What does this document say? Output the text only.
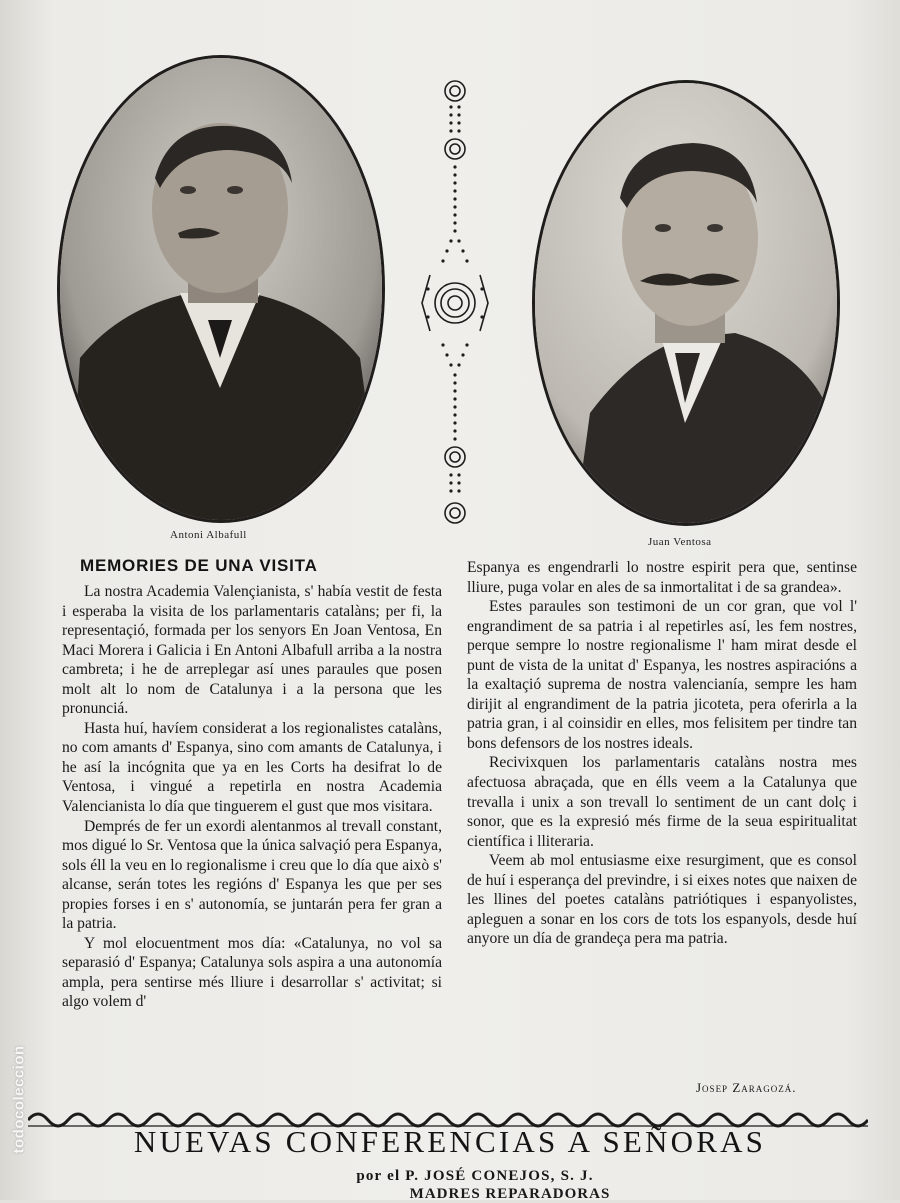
Antoni Albafull
Juan Ventosa
MEMORIES DE UNA VISITA

La nostra Academia Valençianista, s' había vestit de festa i esperaba la visita de los parlamentaris catalàns; per fi, la representaçió, formada per los senyors En Joan Ventosa, En Maci Morera i Galicia i En Antoni Albafull arriba a la nostra cambreta; i he de arreplegar así unes paraules que posen molt alt lo nom de Catalunya i a la persona que les pronunciá.

Hasta huí, havíem considerat a los regionalistes catalàns, no com amants d' Espanya, sino com amants de Catalunya, i he así la incógnita que ya en les Corts ha desifrat lo de Ventosa, i vingué a repetirla en nostra Academia Valencianista lo día que tinguerem el gust que mos visitara.

Demprés de fer un exordi alentanmos al trevall constant, mos digué lo Sr. Ventosa que la única salvaçió pera Espanya, sols éll la veu en lo regionalisme i creu que lo día que això s' alcanse, serán totes les regións d' Espanya les que per ses propies forses i en s' autonomía, se juntarán pera fer gran a la patria.

Y mol elocuentment mos día: «Catalunya, no vol sa separasió d' Espanya; Catalunya sols aspira a una autonomía ampla, pera sentirse més lliure i desarrollar s' activitat; si algo volem d'

Espanya es engendrarli lo nostre espirit pera que, sentinse lliure, puga volar en ales de sa inmortalitat i de sa grandea».

Estes paraules son testimoni de un cor gran, que vol l' engrandiment de sa patria i al repetirles así, les fem nostres, perque sempre lo nostre regionalisme l' ham mirat desde el punt de vista de la unitat d' Espanya, les nostres aspiracións a la exaltaçió suprema de nostra valencianía, sempre les ham dirijit al engrandiment de la patria jicoteta, pera oferirla a la patria gran, i al coinsidir en elles, mos felisitem per tindre tan bons defensors de los nostres ideals.

Recivixquen los parlamentaris catalàns nostra mes afectuosa abraçada, que en élls veem a la Catalunya que trevalla i unix a son trevall lo sentiment de un cant dolç i sonor, que es la expresió més firme de la seua espiritualitat científica i lliteraria.

Veem ab mol entusiasme eixe resurgiment, que es consol de huí i esperança del previndre, i si eixes notes que naixen de les llines del poetes catalàns patriótiques i espanyolistes, apleguen a sonar en los cors de tots los espanyols, desde huí anyore un día de grandeça pera ma patria.

Josep Zaragozá.
NUEVAS CONFERENCIAS A SEÑORAS
por el P. JOSÉ CONEJOS, S. J.
MADRES REPARADORAS
todocoleccion
